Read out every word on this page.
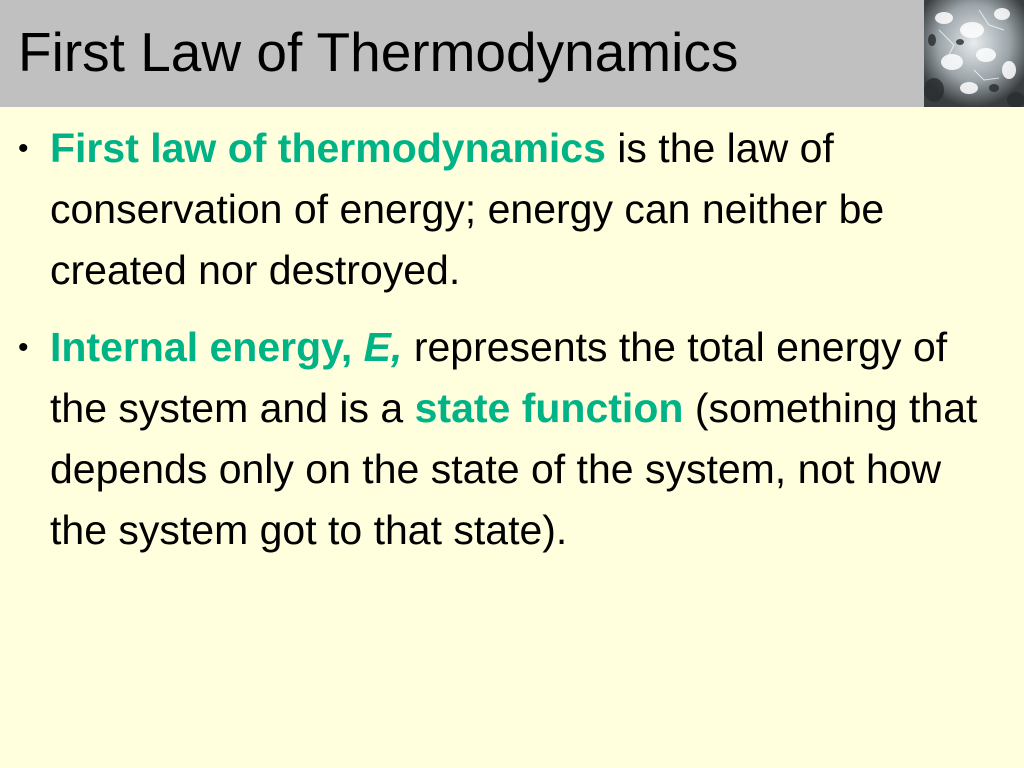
First Law of Thermodynamics
• First law of thermodynamics is the law of conservation of energy; energy can neither be created nor destroyed.
• Internal energy, E, represents the total energy of the system and is a state function (something that depends only on the state of the system, not how the system got to that state).
